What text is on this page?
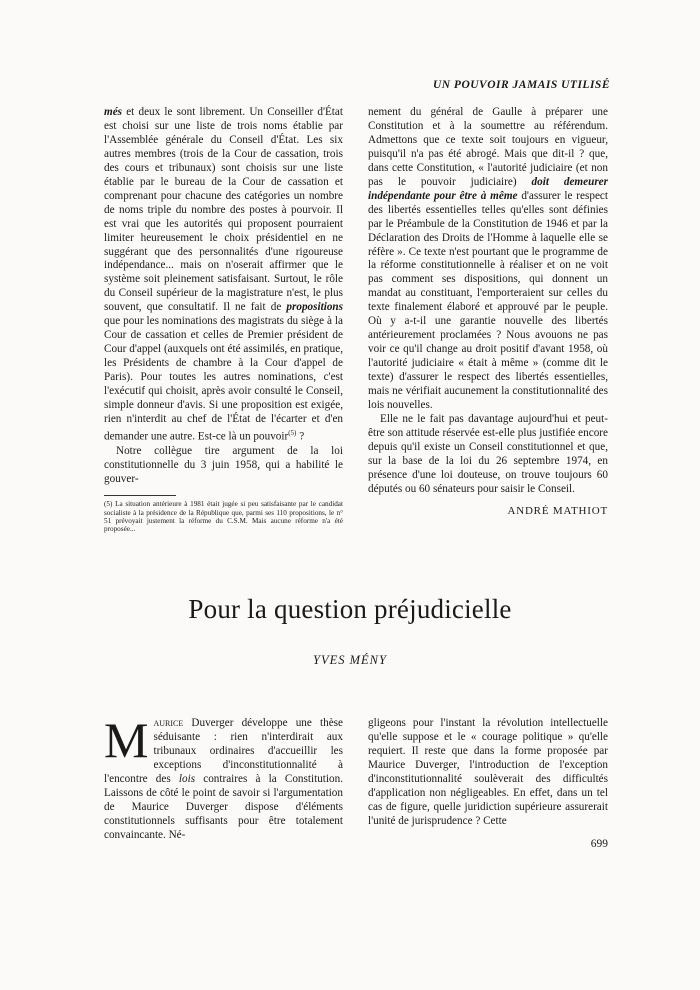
UN POUVOIR JAMAIS UTILISÉ

més et deux le sont librement. Un Conseiller d'État est choisi sur une liste de trois noms établie par l'Assemblée générale du Conseil d'État. Les six autres membres (trois de la Cour de cassation, trois des cours et tribunaux) sont choisis sur une liste établie par le bureau de la Cour de cassation et comprenant pour chacune des catégories un nombre de noms triple du nombre des postes à pourvoir. Il est vrai que les autorités qui proposent pourraient limiter heureusement le choix présidentiel en ne suggérant que des personnalités d'une rigoureuse indépendance... mais on n'oserait affirmer que le système soit pleinement satisfaisant. Surtout, le rôle du Conseil supérieur de la magistrature n'est, le plus souvent, que consultatif. Il ne fait de propositions que pour les nominations des magistrats du siège à la Cour de cassation et celles de Premier président de Cour d'appel (auxquels ont été assimilés, en pratique, les Présidents de chambre à la Cour d'appel de Paris). Pour toutes les autres nominations, c'est l'exécutif qui choisit, après avoir consulté le Conseil, simple donneur d'avis. Si une proposition est exigée, rien n'interdit au chef de l'État de l'écarter et d'en demander une autre. Est-ce là un pouvoir$^{(5)}$ ?

Notre collègue tire argument de la loi constitutionnelle du 3 juin 1958, qui a habilité le gouver-

(5) La situation antérieure à 1981 était jugée si peu satisfaisante par le candidat socialiste à la présidence de la République que, parmi ses 110 propositions, le n° 51 prévoyait justement la réforme du C.S.M. Mais aucune réforme n'a été proposée...

nement du général de Gaulle à préparer une Constitution et à la soumettre au référendum. Admettons que ce texte soit toujours en vigueur, puisqu'il n'a pas été abrogé. Mais que dit-il ? que, dans cette Constitution, « l'autorité judiciaire (et non pas le pouvoir judiciaire) doit demeurer indépendante pour être à même d'assurer le respect des libertés essentielles telles qu'elles sont définies par le Préambule de la Constitution de 1946 et par la Déclaration des Droits de l'Homme à laquelle elle se réfère ». Ce texte n'est pourtant que le programme de la réforme constitutionnelle à réaliser et on ne voit pas comment ses dispositions, qui donnent un mandat au constituant, l'emporteraient sur celles du texte finalement élaboré et approuvé par le peuple. Où y a-t-il une garantie nouvelle des libertés antérieurement proclamées ? Nous avouons ne pas voir ce qu'il change au droit positif d'avant 1958, où l'autorité judiciaire « était à même » (comme dit le texte) d'assurer le respect des libertés essentielles, mais ne vérifiait aucunement la constitutionnalité des lois nouvelles.

Elle ne le fait pas davantage aujourd'hui et peut-être son attitude réservée est-elle plus justifiée encore depuis qu'il existe un Conseil constitutionnel et que, sur la base de la loi du 26 septembre 1974, en présence d'une loi douteuse, on trouve toujours 60 députés ou 60 sénateurs pour saisir le Conseil.

ANDRÉ MATHIOT
Pour la question préjudicielle
YVES MÉNY

Maurice Duverger développe une thèse séduisante : rien n'interdirait aux tribunaux ordinaires d'accueillir les exceptions d'inconstitutionnalité à l'encontre des lois contraires à la Constitution. Laissons de côté le point de savoir si l'argumentation de Maurice Duverger dispose d'éléments constitutionnels suffisants pour être totalement convaincante. Né-

gligeons pour l'instant la révolution intellectuelle qu'elle suppose et le « courage politique » qu'elle requiert. Il reste que dans la forme proposée par Maurice Duverger, l'introduction de l'exception d'inconstitutionnalité soulèverait des difficultés d'application non négligeables. En effet, dans un tel cas de figure, quelle juridiction supérieure assurerait l'unité de jurisprudence ? Cette

699
